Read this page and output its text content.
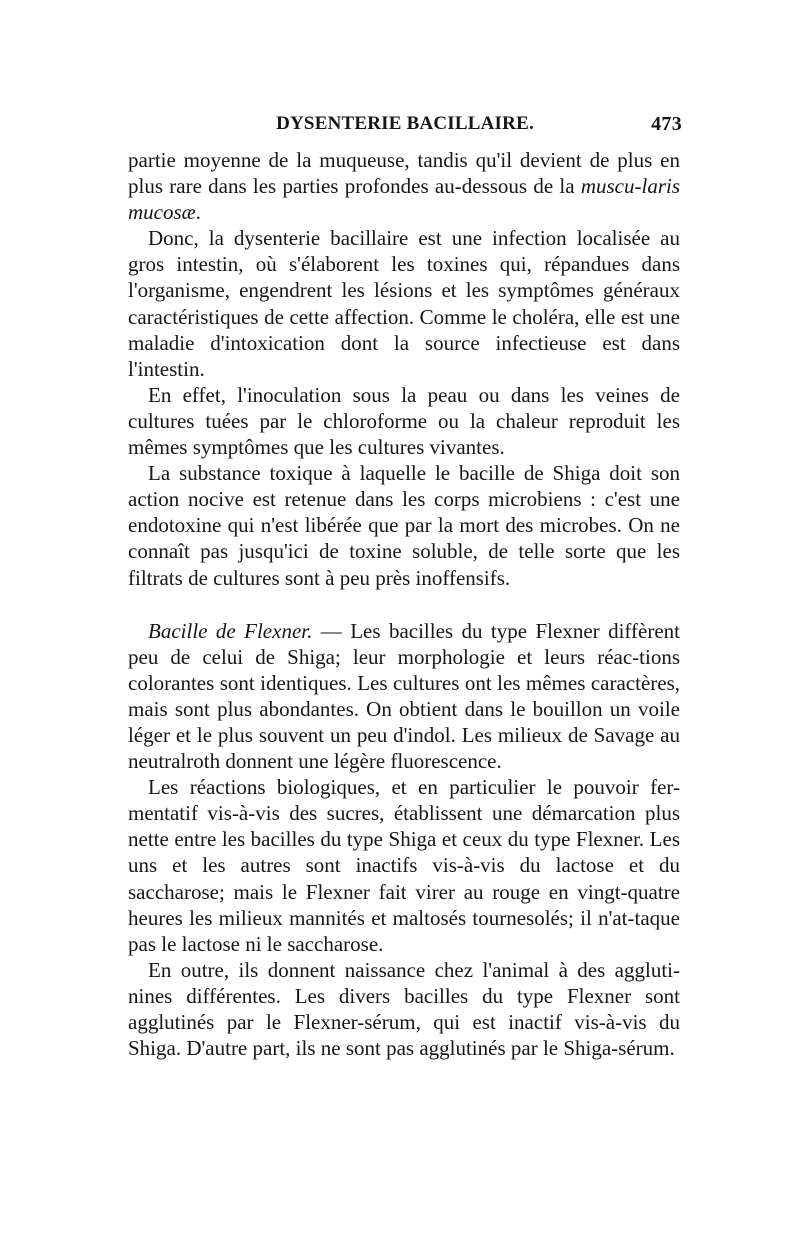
DYSENTERIE BACILLAIRE.	473

partie moyenne de la muqueuse, tandis qu'il devient de plus en plus rare dans les parties profondes au-dessous de la muscu-laris mucosæ.

Donc, la dysenterie bacillaire est une infection localisée au gros intestin, où s'élaborent les toxines qui, répandues dans l'organisme, engendrent les lésions et les symptômes généraux caractéristiques de cette affection. Comme le choléra, elle est une maladie d'intoxication dont la source infectieuse est dans l'intestin.

En effet, l'inoculation sous la peau ou dans les veines de cultures tuées par le chloroforme ou la chaleur reproduit les mêmes symptômes que les cultures vivantes.

La substance toxique à laquelle le bacille de Shiga doit son action nocive est retenue dans les corps microbiens : c'est une endotoxine qui n'est libérée que par la mort des microbes. On ne connaît pas jusqu'ici de toxine soluble, de telle sorte que les filtrats de cultures sont à peu près inoffensifs.

Bacille de Flexner. — Les bacilles du type Flexner diffèrent peu de celui de Shiga; leur morphologie et leurs réac-tions colorantes sont identiques. Les cultures ont les mêmes caractères, mais sont plus abondantes. On obtient dans le bouillon un voile léger et le plus souvent un peu d'indol. Les milieux de Savage au neutralroth donnent une légère fluorescence.

Les réactions biologiques, et en particulier le pouvoir fer-mentatif vis-à-vis des sucres, établissent une démarcation plus nette entre les bacilles du type Shiga et ceux du type Flexner. Les uns et les autres sont inactifs vis-à-vis du lactose et du saccharose; mais le Flexner fait virer au rouge en vingt-quatre heures les milieux mannités et maltosés tournesolés; il n'at-taque pas le lactose ni le saccharose.

En outre, ils donnent naissance chez l'animal à des aggluti-nines différentes. Les divers bacilles du type Flexner sont agglutinés par le Flexner-sérum, qui est inactif vis-à-vis du Shiga. D'autre part, ils ne sont pas agglutinés par le Shiga-sérum.
